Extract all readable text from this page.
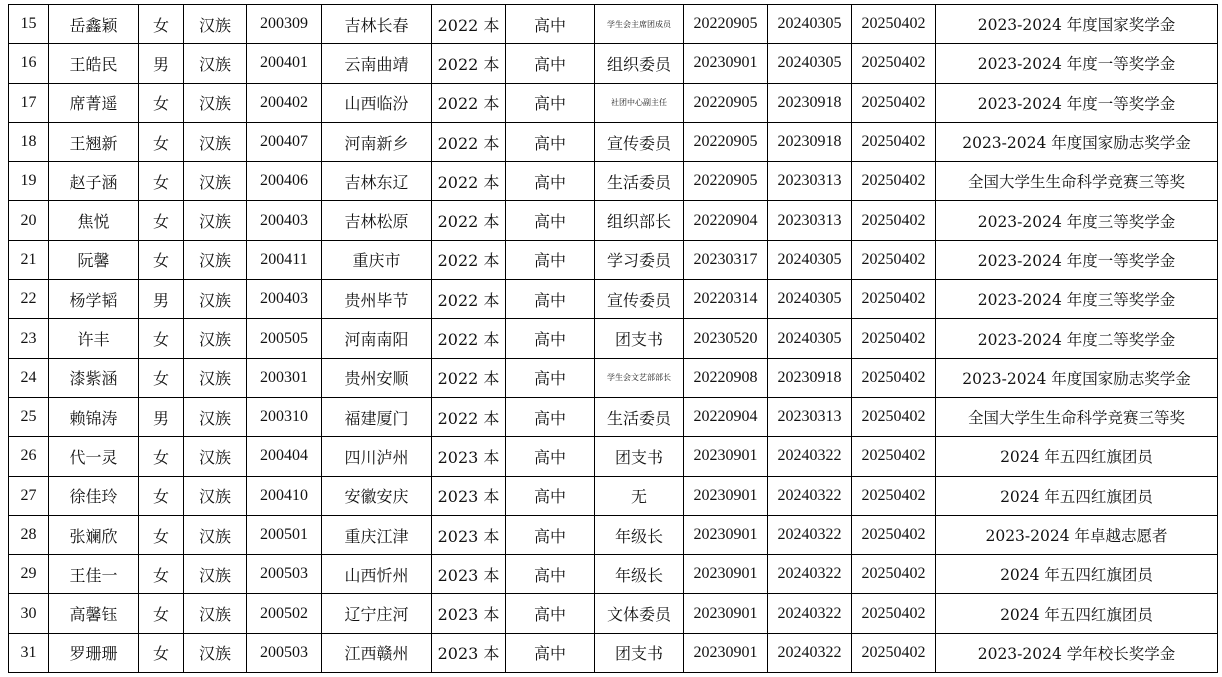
15	岳鑫颖	女	汉族	200309	吉林长春	2022 本	高中	学生会主席团成员	20220905	20240305	20250402	2023-2024 年度国家奖学金
16	王皓民	男	汉族	200401	云南曲靖	2022 本	高中	组织委员	20230901	20240305	20250402	2023-2024 年度一等奖学金
17	席菁遥	女	汉族	200402	山西临汾	2022 本	高中	社团中心副主任	20220905	20230918	20250402	2023-2024 年度一等奖学金
18	王翘新	女	汉族	200407	河南新乡	2022 本	高中	宣传委员	20220905	20230918	20250402	2023-2024 年度国家励志奖学金
19	赵子涵	女	汉族	200406	吉林东辽	2022 本	高中	生活委员	20220905	20230313	20250402	全国大学生生命科学竞赛三等奖
20	焦悦	女	汉族	200403	吉林松原	2022 本	高中	组织部长	20220904	20230313	20250402	2023-2024 年度三等奖学金
21	阮馨	女	汉族	200411	重庆市	2022 本	高中	学习委员	20230317	20240305	20250402	2023-2024 年度一等奖学金
22	杨学韬	男	汉族	200403	贵州毕节	2022 本	高中	宣传委员	20220314	20240305	20250402	2023-2024 年度三等奖学金
23	许丰	女	汉族	200505	河南南阳	2022 本	高中	团支书	20230520	20240305	20250402	2023-2024 年度二等奖学金
24	漆紫涵	女	汉族	200301	贵州安顺	2022 本	高中	学生会文艺部部长	20220908	20230918	20250402	2023-2024 年度国家励志奖学金
25	赖锦涛	男	汉族	200310	福建厦门	2022 本	高中	生活委员	20220904	20230313	20250402	全国大学生生命科学竞赛三等奖
26	代一灵	女	汉族	200404	四川泸州	2023 本	高中	团支书	20230901	20240322	20250402	2024 年五四红旗团员
27	徐佳玲	女	汉族	200410	安徽安庆	2023 本	高中	无	20230901	20240322	20250402	2024 年五四红旗团员
28	张斓欣	女	汉族	200501	重庆江津	2023 本	高中	年级长	20230901	20240322	20250402	2023-2024 年卓越志愿者
29	王佳一	女	汉族	200503	山西忻州	2023 本	高中	年级长	20230901	20240322	20250402	2024 年五四红旗团员
30	高馨钰	女	汉族	200502	辽宁庄河	2023 本	高中	文体委员	20230901	20240322	20250402	2024 年五四红旗团员
31	罗珊珊	女	汉族	200503	江西赣州	2023 本	高中	团支书	20230901	20240322	20250402	2023-2024 学年校长奖学金
